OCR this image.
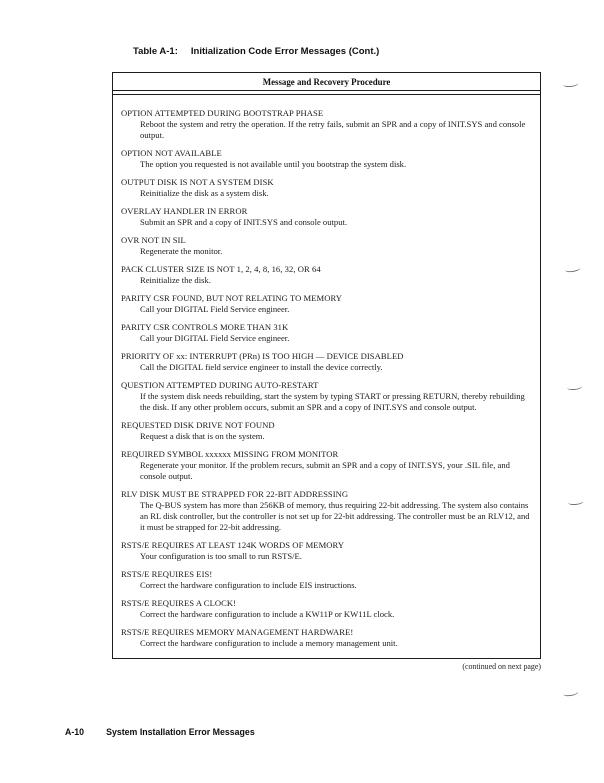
Table A-1: Initialization Code Error Messages (Cont.)
Message and Recovery Procedure
OPTION ATTEMPTED DURING BOOTSTRAP PHASE
Reboot the system and retry the operation. If the retry fails, submit an SPR and a copy of INIT.SYS and console output.
OPTION NOT AVAILABLE
The option you requested is not available until you bootstrap the system disk.
OUTPUT DISK IS NOT A SYSTEM DISK
Reinitialize the disk as a system disk.
OVERLAY HANDLER IN ERROR
Submit an SPR and a copy of INIT.SYS and console output.
OVR NOT IN SIL
Regenerate the monitor.
PACK CLUSTER SIZE IS NOT 1, 2, 4, 8, 16, 32, OR 64
Reinitialize the disk.
PARITY CSR FOUND, BUT NOT RELATING TO MEMORY
Call your DIGITAL Field Service engineer.
PARITY CSR CONTROLS MORE THAN 31K
Call your DIGITAL Field Service engineer.
PRIORITY OF xx: INTERRUPT (PRn) IS TOO HIGH — DEVICE DISABLED
Call the DIGITAL field service engineer to install the device correctly.
QUESTION ATTEMPTED DURING AUTO-RESTART
If the system disk needs rebuilding, start the system by typing START or pressing RETURN, thereby rebuilding the disk. If any other problem occurs, submit an SPR and a copy of INIT.SYS and console output.
REQUESTED DISK DRIVE NOT FOUND
Request a disk that is on the system.
REQUIRED SYMBOL xxxxxx MISSING FROM MONITOR
Regenerate your monitor. If the problem recurs, submit an SPR and a copy of INIT.SYS, your .SIL file, and console output.
RLV DISK MUST BE STRAPPED FOR 22-BIT ADDRESSING
The Q-BUS system has more than 256KB of memory, thus requiring 22-bit addressing. The system also contains an RL disk controller, but the controller is not set up for 22-bit addressing. The controller must be an RLV12, and it must be strapped for 22-bit addressing.
RSTS/E REQUIRES AT LEAST 124K WORDS OF MEMORY
Your configuration is too small to run RSTS/E.
RSTS/E REQUIRES EIS!
Correct the hardware configuration to include EIS instructions.
RSTS/E REQUIRES A CLOCK!
Correct the hardware configuration to include a KW11P or KW11L clock.
RSTS/E REQUIRES MEMORY MANAGEMENT HARDWARE!
Correct the hardware configuration to include a memory management unit.
(continued on next page)
A-10	System Installation Error Messages
